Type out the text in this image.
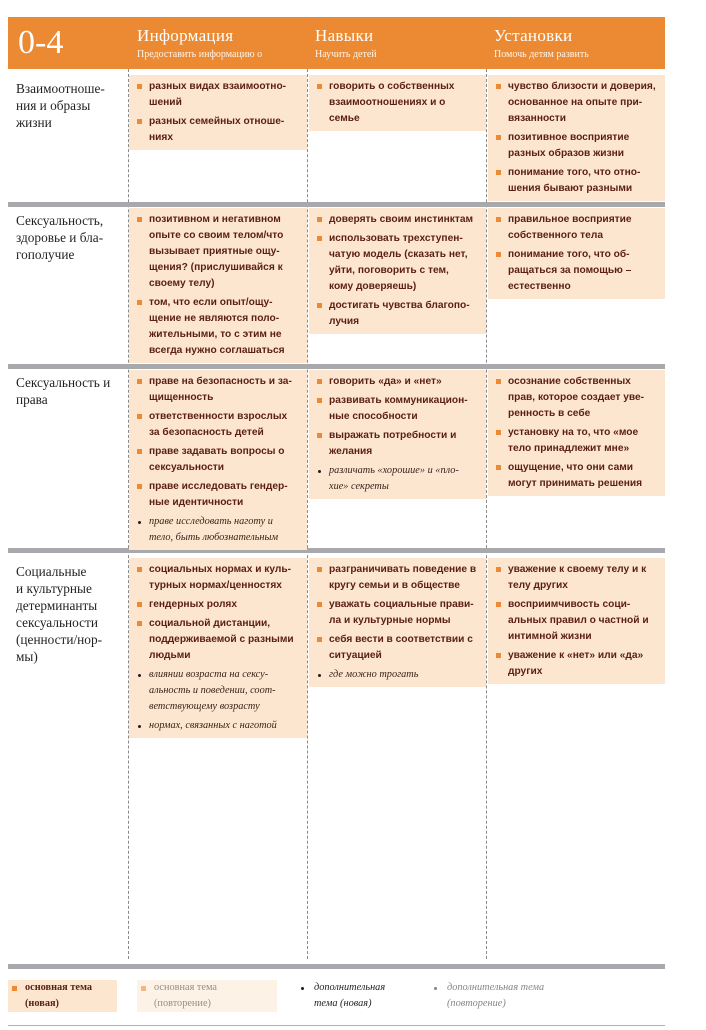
0-4	Информация
Предоставить информацию о
Навыки
Научить детей
Установки
Помочь детям развить
Взаимоотноше-
ния и образы
жизни
разных видах взаимоотно-
шений
разных семейных отноше-
ниях
говорить о собственных
взаимоотношениях и о
семье
чувство близости и доверия,
основанное на опыте при-
вязанности
позитивное восприятие
разных образов жизни
понимание того, что отно-
шения бывают разными
Сексуальность,
здоровье и бла-
гополучие
позитивном и негативном
опыте со своим телом/что
вызывает приятные ощу-
щения? (прислушивайся к
своему телу)
том, что если опыт/ощу-
щение не являются поло-
жительными, то с этим не
всегда нужно соглашаться
доверять своим инстинктам
использовать трехступен-
чатую модель (сказать нет,
уйти, поговорить с тем,
кому доверяешь)
достигать чувства благопо-
лучия
правильное восприятие
собственного тела
понимание того, что об-
ращаться за помощью –
естественно
Сексуальность и
права
праве на безопасность и за-
щищенность
ответственности взрослых
за безопасность детей
праве задавать вопросы о
сексуальности
праве исследовать гендер-
ные идентичности
праве исследовать наготу и
тело, быть любознательным
говорить «да» и «нет»
развивать коммуникацион-
ные способности
выражать потребности и
желания
различать «хорошие» и «пло-
хие» секреты
осознание собственных
прав, которое создает уве-
ренность в себе
установку на то, что «мое
тело принадлежит мне»
ощущение, что они сами
могут принимать решения
Социальные
и культурные
детерминанты
сексуальности
(ценности/нор-
мы)
социальных нормах и куль-
турных нормах/ценностях
гендерных ролях
социальной дистанции,
поддерживаемой с разными
людьми
влиянии возраста на сексу-
альность и поведении, соот-
ветствующему возрасту
нормах, связанных с наготой
разграничивать поведение в
кругу семьи и в обществе
уважать социальные прави-
ла и культурные нормы
себя вести в соответствии с
ситуацией
где можно трогать
уважение к своему телу и к
телу других
восприимчивость соци-
альных правил о частной и
интимной жизни
уважение к «нет» или «да»
других
основная тема
(новая)
основная тема
(повторение)
дополнительная
тема (новая)
дополнительная тема
(повторение)
